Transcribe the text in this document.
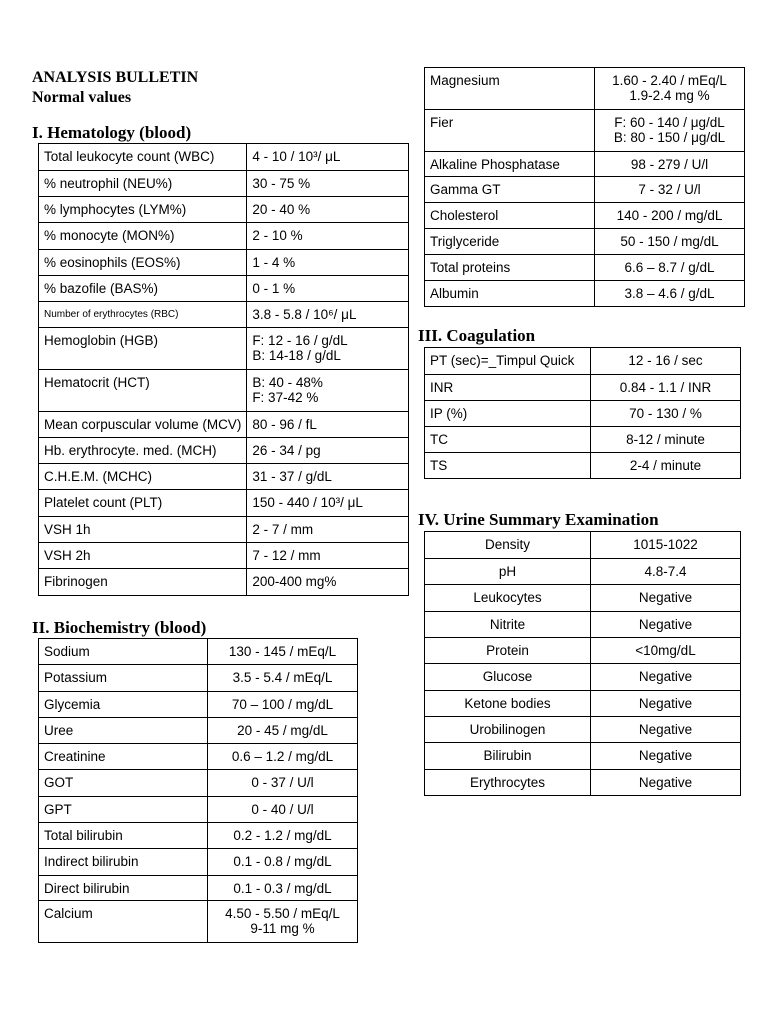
ANALYSIS BULLETIN
Normal values
I. Hematology (blood)
Total leukocyte count (WBC)	4 - 10 / 10³/ μL

% neutrophil (NEU%)	30 - 75 %

% lymphocytes (LYM%)	20 - 40 %

% monocyte (MON%)	2 - 10 %

% eosinophils (EOS%)	1 - 4 %

% bazofile (BAS%)	0 - 1 %

Number of erythrocytes (RBC)	3.8 - 5.8 / 10⁶/ μL

Hemoglobin (HGB)	F: 12 - 16 / g/dL
B: 14-18 / g/dL

Hematocrit (HCT)	B: 40 - 48%
F: 37-42 %

Mean corpuscular volume (MCV)	80 - 96 / fL

Hb. erythrocyte. med. (MCH)	26 - 34 / pg

C.H.E.M. (MCHC)	31 - 37 / g/dL

Platelet count (PLT)	150 - 440 / 10³/ μL

VSH 1h	2 - 7 / mm

VSH 2h	7 - 12 / mm

Fibrinogen	200-400 mg%
II. Biochemistry (blood)
Sodium	130 - 145 / mEq/L

Potassium	3.5 - 5.4 / mEq/L

Glycemia	70 – 100 / mg/dL

Uree	20 - 45 / mg/dL

Creatinine	0.6 – 1.2 / mg/dL

GOT	0 - 37 / U/l

GPT	0 - 40 / U/l

Total bilirubin	0.2 - 1.2 / mg/dL

Indirect bilirubin	0.1 - 0.8 / mg/dL

Direct bilirubin	0.1 - 0.3 / mg/dL

Calcium	4.50 - 5.50 / mEq/L
9-11 mg %
Magnesium	1.60 - 2.40 / mEq/L
1.9-2.4 mg %

Fier	F: 60 - 140 / μg/dL
B: 80 - 150 / μg/dL

Alkaline Phosphatase	98 - 279 / U/l

Gamma GT	7 - 32 / U/l

Cholesterol	140 - 200 / mg/dL

Triglyceride	50 - 150 / mg/dL

Total proteins	6.6 – 8.7 / g/dL

Albumin	3.8 – 4.6 / g/dL
III. Coagulation
PT (sec)=_Timpul Quick	12 - 16 / sec

INR	0.84 - 1.1 / INR

IP (%)	70 - 130 / %

TC	8-12 / minute

TS	2-4 / minute
IV. Urine Summary Examination
Density	1015-1022

pH	4.8-7.4

Leukocytes	Negative

Nitrite	Negative

Protein	<10mg/dL

Glucose	Negative

Ketone bodies	Negative

Urobilinogen	Negative

Bilirubin	Negative

Erythrocytes	Negative
